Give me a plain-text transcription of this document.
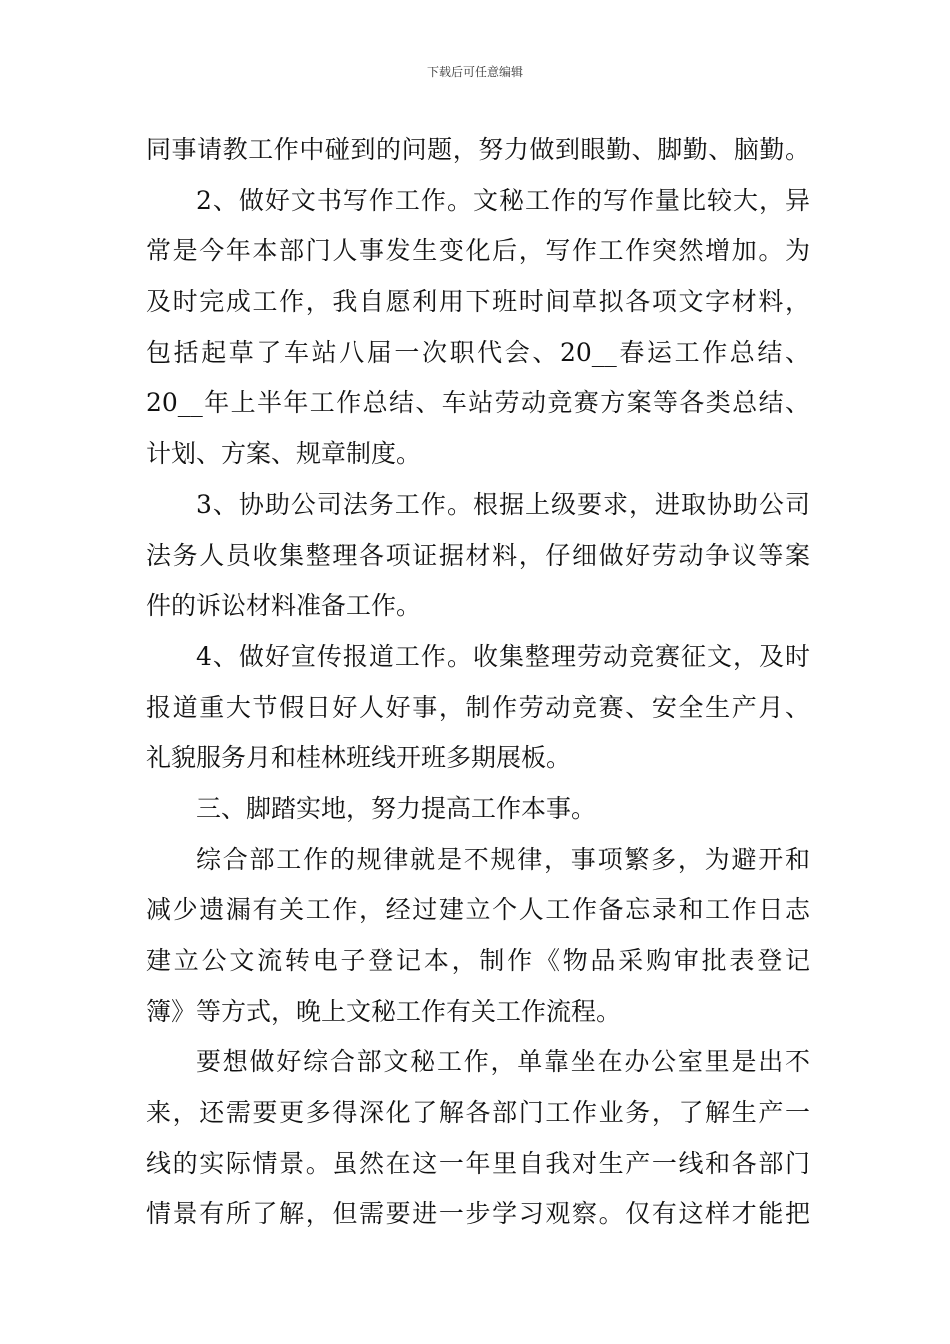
下载后可任意编辑
同事请教工作中碰到的问题，努力做到眼勤、脚勤、脑勤。
2、做好文书写作工作。文秘工作的写作量比较大，异
常是今年本部门人事发生变化后，写作工作突然增加。为
及时完成工作，我自愿利用下班时间草拟各项文字材料，
包括起草了车站八届一次职代会、20__春运工作总结、
20__年上半年工作总结、车站劳动竞赛方案等各类总结、
计划、方案、规章制度。
3、协助公司法务工作。根据上级要求，进取协助公司
法务人员收集整理各项证据材料，仔细做好劳动争议等案
件的诉讼材料准备工作。
4、做好宣传报道工作。收集整理劳动竞赛征文，及时
报道重大节假日好人好事，制作劳动竞赛、安全生产月、
礼貌服务月和桂林班线开班多期展板。
三、脚踏实地，努力提高工作本事。
综合部工作的规律就是不规律，事项繁多，为避开和
减少遗漏有关工作，经过建立个人工作备忘录和工作日志
建立公文流转电子登记本，制作《物品采购审批表登记
簿》等方式，晚上文秘工作有关工作流程。
要想做好综合部文秘工作，单靠坐在办公室里是出不
来，还需要更多得深化了解各部门工作业务，了解生产一
线的实际情景。虽然在这一年里自我对生产一线和各部门
情景有所了解，但需要进一步学习观察。仅有这样才能把
